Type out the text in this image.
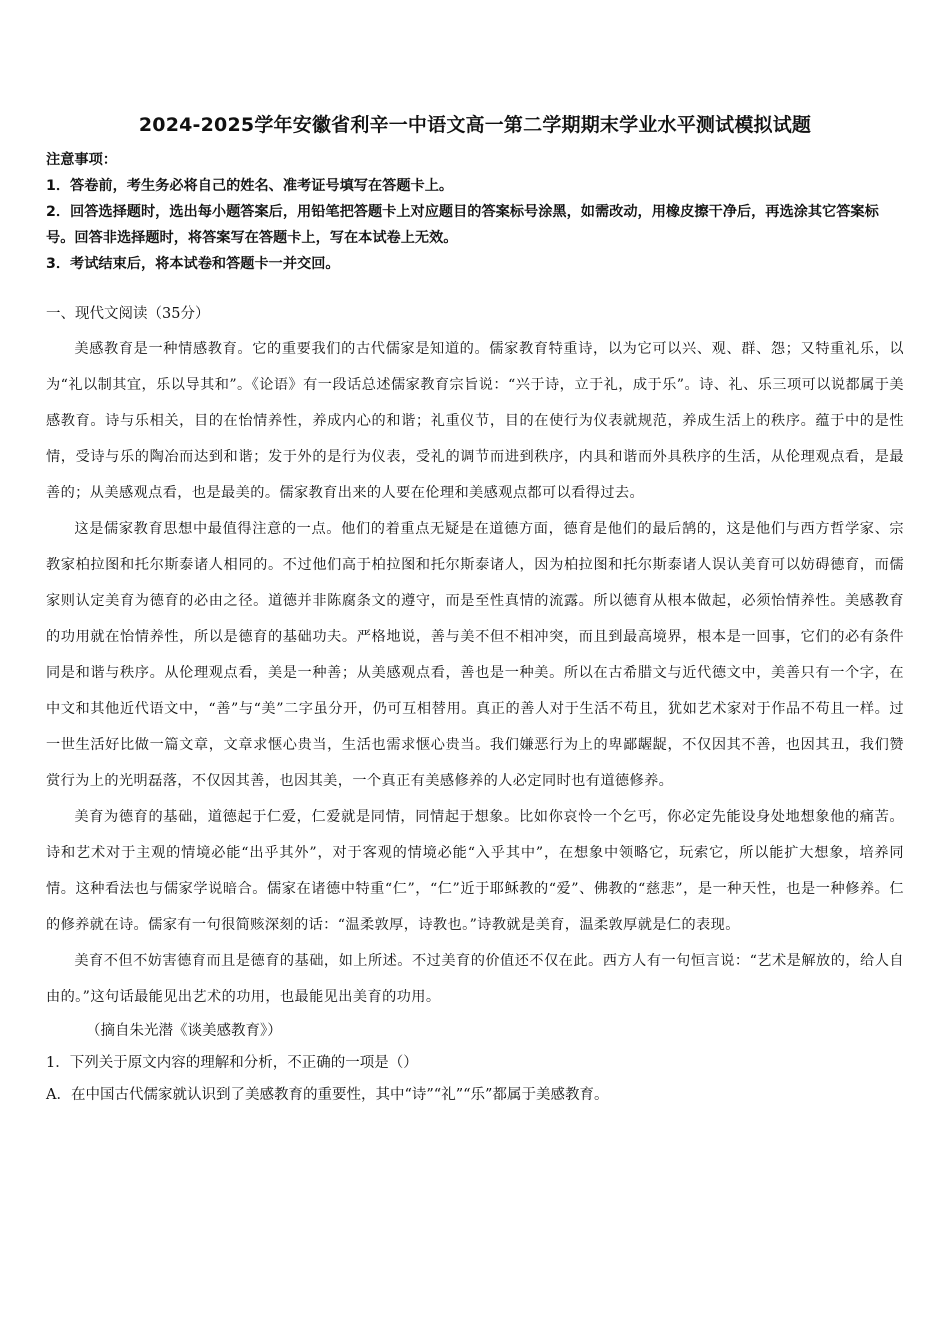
2024-2025学年安徽省利辛一中语文高一第二学期期末学业水平测试模拟试题

注意事项：

1．答卷前，考生务必将自己的姓名、准考证号填写在答题卡上。

2．回答选择题时，选出每小题答案后，用铅笔把答题卡上对应题目的答案标号涂黑，如需改动，用橡皮擦干净后，再选涂其它答案标号。回答非选择题时，将答案写在答题卡上，写在本试卷上无效。

3．考试结束后，将本试卷和答题卡一并交回。

一、现代文阅读（35分）

美感教育是一种情感教育。它的重要我们的古代儒家是知道的。儒家教育特重诗，以为它可以兴、观、群、怨；又特重礼乐，以为“礼以制其宜，乐以导其和”。《论语》有一段话总述儒家教育宗旨说：“兴于诗，立于礼，成于乐”。诗、礼、乐三项可以说都属于美感教育。诗与乐相关，目的在怡情养性，养成内心的和谐；礼重仪节，目的在使行为仪表就规范，养成生活上的秩序。蕴于中的是性情，受诗与乐的陶冶而达到和谐；发于外的是行为仪表，受礼的调节而进到秩序，内具和谐而外具秩序的生活，从伦理观点看，是最善的；从美感观点看，也是最美的。儒家教育出来的人要在伦理和美感观点都可以看得过去。

这是儒家教育思想中最值得注意的一点。他们的着重点无疑是在道德方面，德育是他们的最后鹄的，这是他们与西方哲学家、宗教家柏拉图和托尔斯泰诸人相同的。不过他们高于柏拉图和托尔斯泰诸人，因为柏拉图和托尔斯泰诸人误认美育可以妨碍德育，而儒家则认定美育为德育的必由之径。道德并非陈腐条文的遵守，而是至性真情的流露。所以德育从根本做起，必须怡情养性。美感教育的功用就在怡情养性，所以是德育的基础功夫。严格地说，善与美不但不相冲突，而且到最高境界，根本是一回事，它们的必有条件同是和谐与秩序。从伦理观点看，美是一种善；从美感观点看，善也是一种美。所以在古希腊文与近代德文中，美善只有一个字，在中文和其他近代语文中，“善”与“美”二字虽分开，仍可互相替用。真正的善人对于生活不苟且，犹如艺术家对于作品不苟且一样。过一世生活好比做一篇文章，文章求惬心贵当，生活也需求惬心贵当。我们嫌恶行为上的卑鄙龌龊，不仅因其不善，也因其丑，我们赞赏行为上的光明磊落，不仅因其善，也因其美，一个真正有美感修养的人必定同时也有道德修养。

美育为德育的基础，道德起于仁爱，仁爱就是同情，同情起于想象。比如你哀怜一个乞丐，你必定先能设身处地想象他的痛苦。诗和艺术对于主观的情境必能“出乎其外”，对于客观的情境必能“入乎其中”，在想象中领略它，玩索它，所以能扩大想象，培养同情。这种看法也与儒家学说暗合。儒家在诸德中特重“仁”，“仁”近于耶稣教的“爱”、佛教的“慈悲”，是一种天性，也是一种修养。仁的修养就在诗。儒家有一句很简赅深刻的话：“温柔敦厚，诗教也。”诗教就是美育，温柔敦厚就是仁的表现。

美育不但不妨害德育而且是德育的基础，如上所述。不过美育的价值还不仅在此。西方人有一句恒言说：“艺术是解放的，给人自由的。”这句话最能见出艺术的功用，也最能见出美育的功用。

（摘自朱光潜《谈美感教育》）

1．下列关于原文内容的理解和分析，不正确的一项是（）

A．在中国古代儒家就认识到了美感教育的重要性，其中“诗”“礼”“乐”都属于美感教育。
